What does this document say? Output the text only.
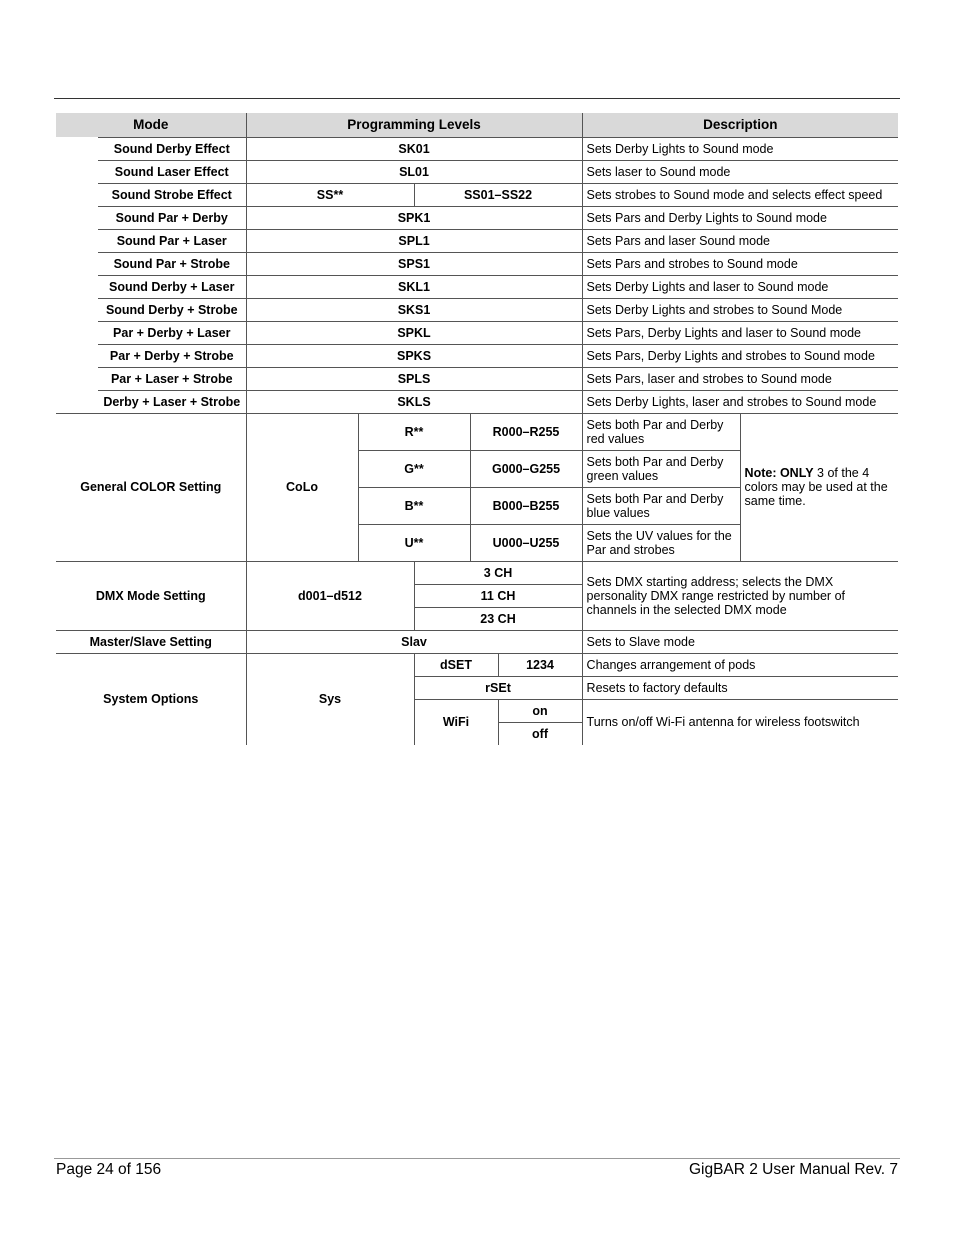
Mode		Programming Levels					Description	
	Sound Derby Effect	SK01					Sets Derby Lights to Sound mode	
	Sound Laser Effect	SL01					Sets laser to Sound mode	
	Sound Strobe Effect	SS**		SS01–SS22			Sets strobes to Sound mode and selects effect speed	
	Sound Par + Derby	SPK1					Sets Pars and Derby Lights to Sound mode	
	Sound Par + Laser	SPL1					Sets Pars and laser Sound mode	
	Sound Par + Strobe	SPS1					Sets Pars and strobes to Sound mode	
	Sound Derby + Laser	SKL1					Sets Derby Lights and laser to Sound mode	
	Sound Derby + Strobe	SKS1					Sets Derby Lights and strobes to Sound Mode	
	Par + Derby + Laser	SPKL					Sets Pars, Derby Lights and laser to Sound mode	
	Par + Derby + Strobe	SPKS					Sets Pars, Derby Lights and strobes to Sound mode	
	Par + Laser + Strobe	SPLS					Sets Pars, laser and strobes to Sound mode	
	Derby + Laser + Strobe	SKLS					Sets Derby Lights, laser and strobes to Sound mode	
General COLOR Setting		CoLo	R**		R000–R255		Sets both Par and Derby red values	Note: ONLY 3 of the 4 colors may be used at the same time.
			G**		G000–G255		Sets both Par and Derby green values	
			B**		B000–B255		Sets both Par and Derby blue values	
			U**		U000–U255		Sets the UV values for the Par and strobes	
DMX Mode Setting		d001–d512		3 CH			Sets DMX starting address; selects the DMX personality DMX range restricted by number of channels in the selected DMX mode	
				11 CH				
				23 CH				
Master/Slave Setting		Slav					Sets to Slave mode	
System Options		Sys		dSET		1234	Changes arrangement of pods	
				rSEt			Resets to factory defaults	
				WiFi		on	Turns on/off Wi-Fi antenna for wireless footswitch	
						off		
Page 24 of 156	GigBAR 2 User Manual Rev. 7
